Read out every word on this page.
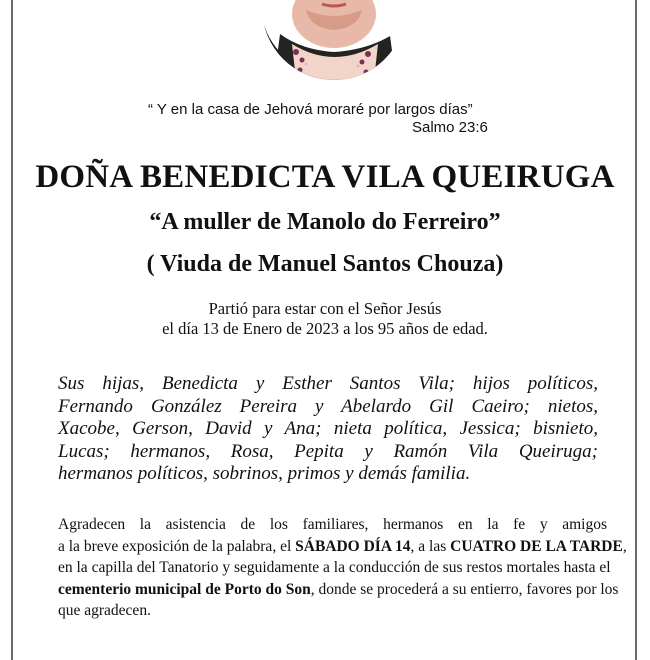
“ Y en la casa de Jehová moraré por largos días”
Salmo 23:6
DOÑA BENEDICTA VILA QUEIRUGA
“A muller de Manolo do Ferreiro”
( Viuda de Manuel Santos Chouza)
Partió para estar con el Señor Jesús
el día 13 de Enero de 2023 a los 95 años de edad.
Sus hijas, Benedicta y Esther Santos Vila; hijos políticos,
Fernando González Pereira y Abelardo Gil Caeiro; nietos,
Xacobe, Gerson, David y Ana; nieta política, Jessica; bisnieto,
Lucas; hermanos, Rosa, Pepita y Ramón Vila Queiruga;
hermanos políticos, sobrinos, primos y demás familia.
Agradecen la asistencia de los familiares, hermanos en la fe y amigos
a la breve exposición de la palabra, el SÁBADO DÍA 14, a las CUATRO DE LA TARDE,
en la capilla del Tanatorio y seguidamente a la conducción de sus restos mortales hasta el
cementerio municipal de Porto do Son, donde se procederá a su entierro, favores por los
que agradecen.
